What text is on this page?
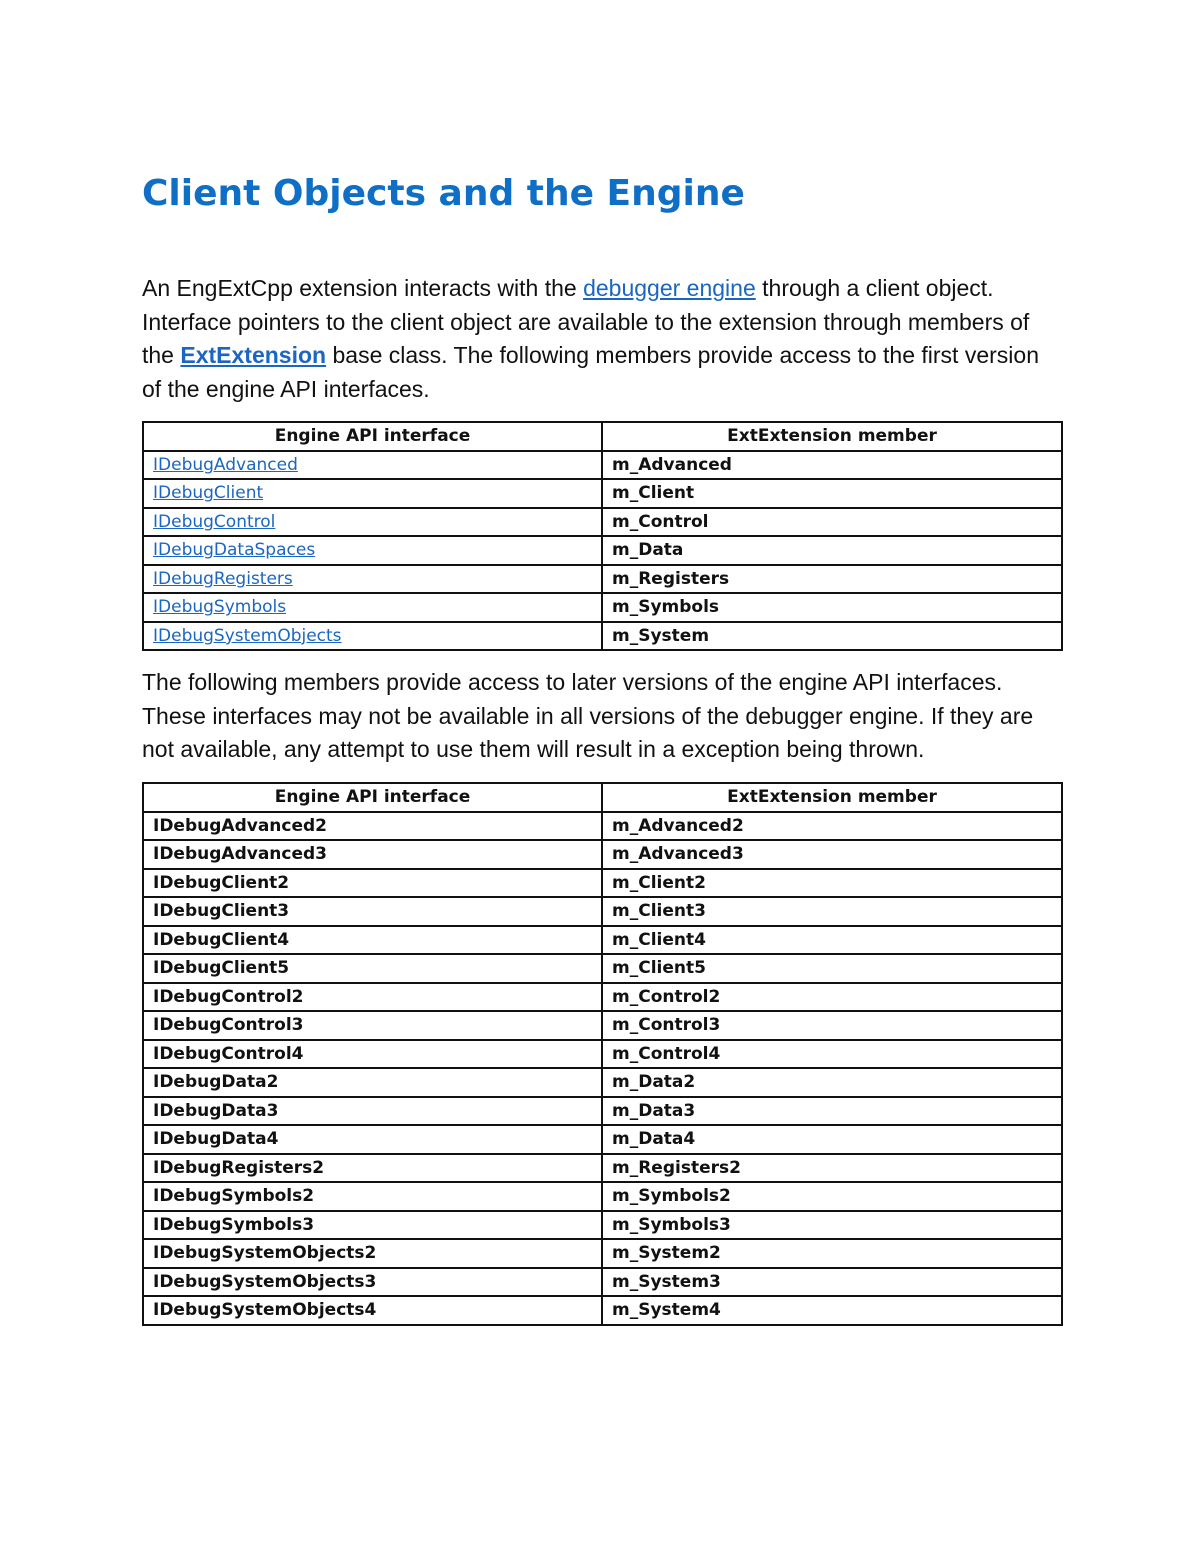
Client Objects and the Engine

An EngExtCpp extension interacts with the debugger engine through a client object. Interface pointers to the client object are available to the extension through members of the ExtExtension base class. The following members provide access to the first version of the engine API interfaces.

Engine API interface	ExtExtension member
IDebugAdvanced	m_Advanced
IDebugClient	m_Client
IDebugControl	m_Control
IDebugDataSpaces	m_Data
IDebugRegisters	m_Registers
IDebugSymbols	m_Symbols
IDebugSystemObjects	m_System

The following members provide access to later versions of the engine API interfaces. These interfaces may not be available in all versions of the debugger engine. If they are not available, any attempt to use them will result in a exception being thrown.

Engine API interface	ExtExtension member
IDebugAdvanced2	m_Advanced2
IDebugAdvanced3	m_Advanced3
IDebugClient2	m_Client2
IDebugClient3	m_Client3
IDebugClient4	m_Client4
IDebugClient5	m_Client5
IDebugControl2	m_Control2
IDebugControl3	m_Control3
IDebugControl4	m_Control4
IDebugData2	m_Data2
IDebugData3	m_Data3
IDebugData4	m_Data4
IDebugRegisters2	m_Registers2
IDebugSymbols2	m_Symbols2
IDebugSymbols3	m_Symbols3
IDebugSystemObjects2	m_System2
IDebugSystemObjects3	m_System3
IDebugSystemObjects4	m_System4
